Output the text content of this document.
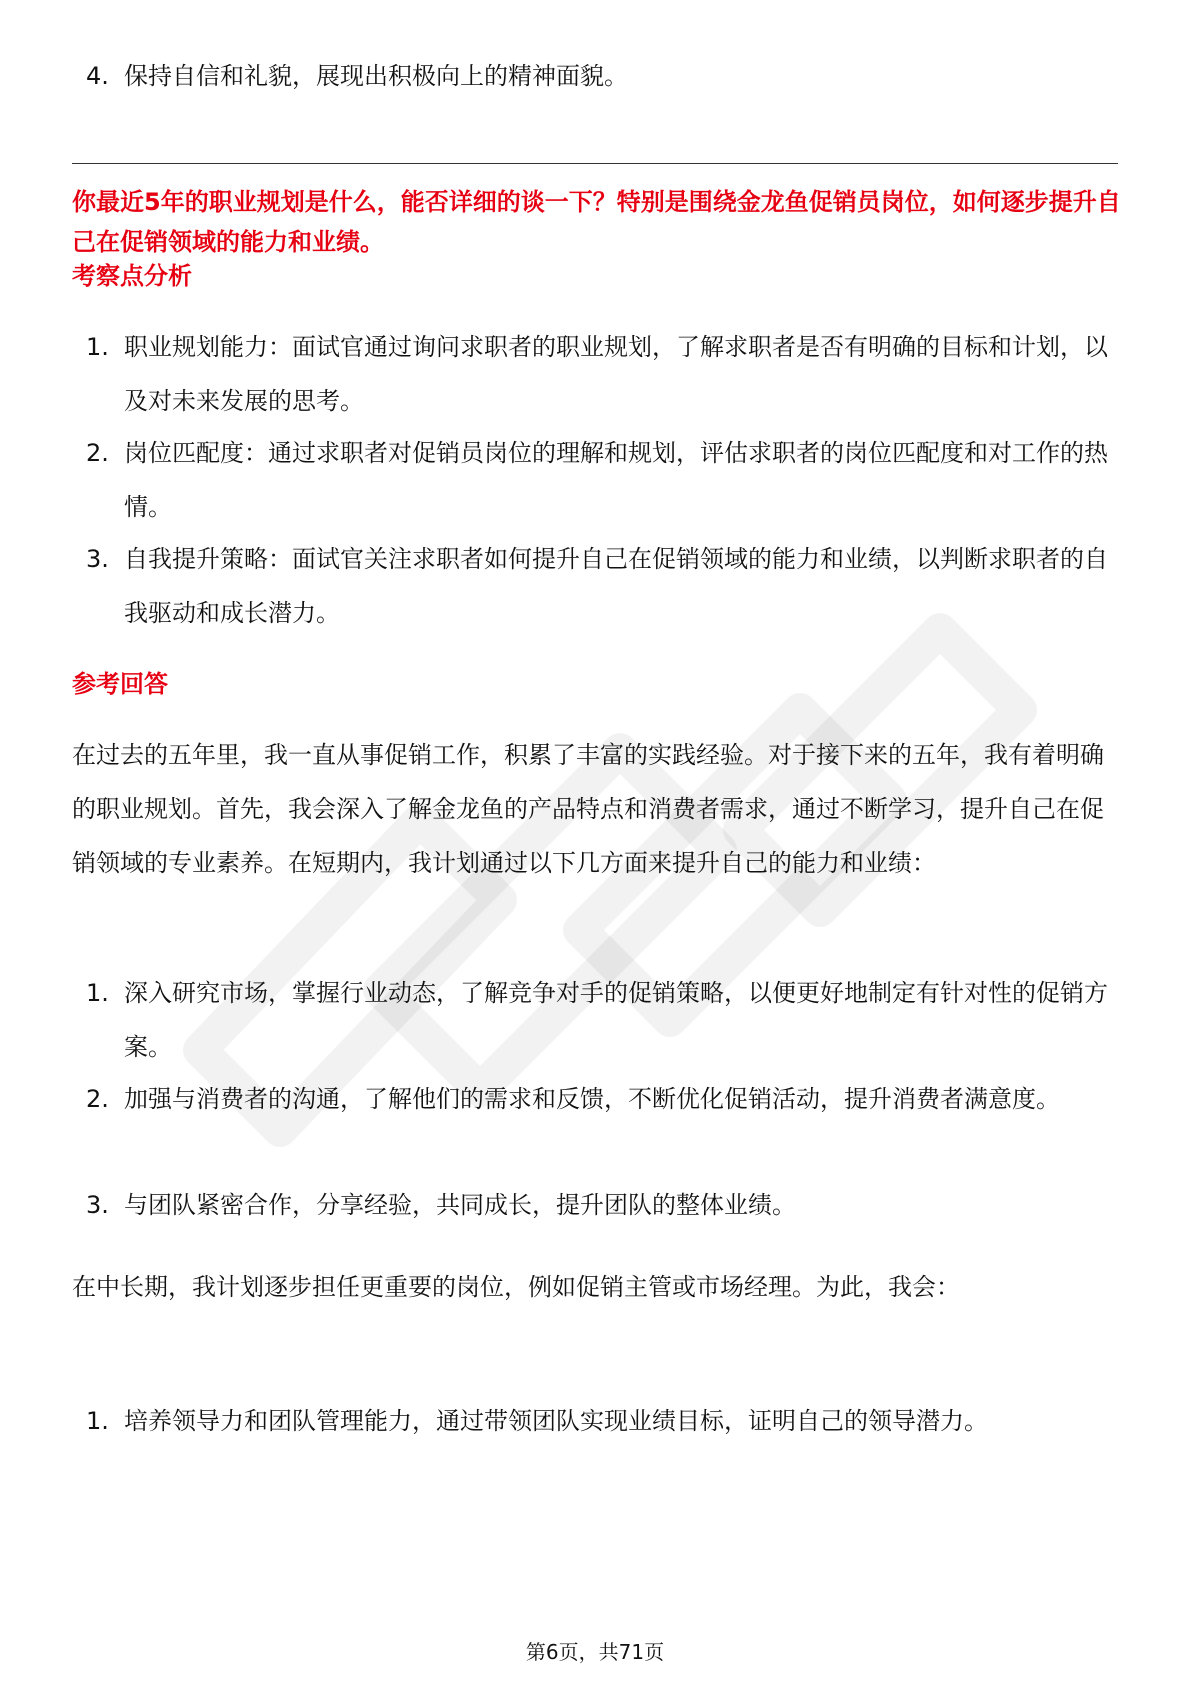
4. 保持自信和礼貌，展现出积极向上的精神面貌。
你最近5年的职业规划是什么，能否详细的谈一下？特别是围绕金龙鱼促销员岗位，如何逐步提升自己在促销领域的能力和业绩。
考察点分析
1. 职业规划能力：面试官通过询问求职者的职业规划，了解求职者是否有明确的目标和计划，以及对未来发展的思考。
2. 岗位匹配度：通过求职者对促销员岗位的理解和规划，评估求职者的岗位匹配度和对工作的热情。
3. 自我提升策略：面试官关注求职者如何提升自己在促销领域的能力和业绩，以判断求职者的自我驱动和成长潜力。
参考回答
在过去的五年里，我一直从事促销工作，积累了丰富的实践经验。对于接下来的五年，我有着明确的职业规划。首先，我会深入了解金龙鱼的产品特点和消费者需求，通过不断学习，提升自己在促销领域的专业素养。在短期内，我计划通过以下几方面来提升自己的能力和业绩：
1. 深入研究市场，掌握行业动态，了解竞争对手的促销策略，以便更好地制定有针对性的促销方案。
2. 加强与消费者的沟通，了解他们的需求和反馈，不断优化促销活动，提升消费者满意度。
3. 与团队紧密合作，分享经验，共同成长，提升团队的整体业绩。
在中长期，我计划逐步担任更重要的岗位，例如促销主管或市场经理。为此，我会：
1. 培养领导力和团队管理能力，通过带领团队实现业绩目标，证明自己的领导潜力。
第6页，共71页
